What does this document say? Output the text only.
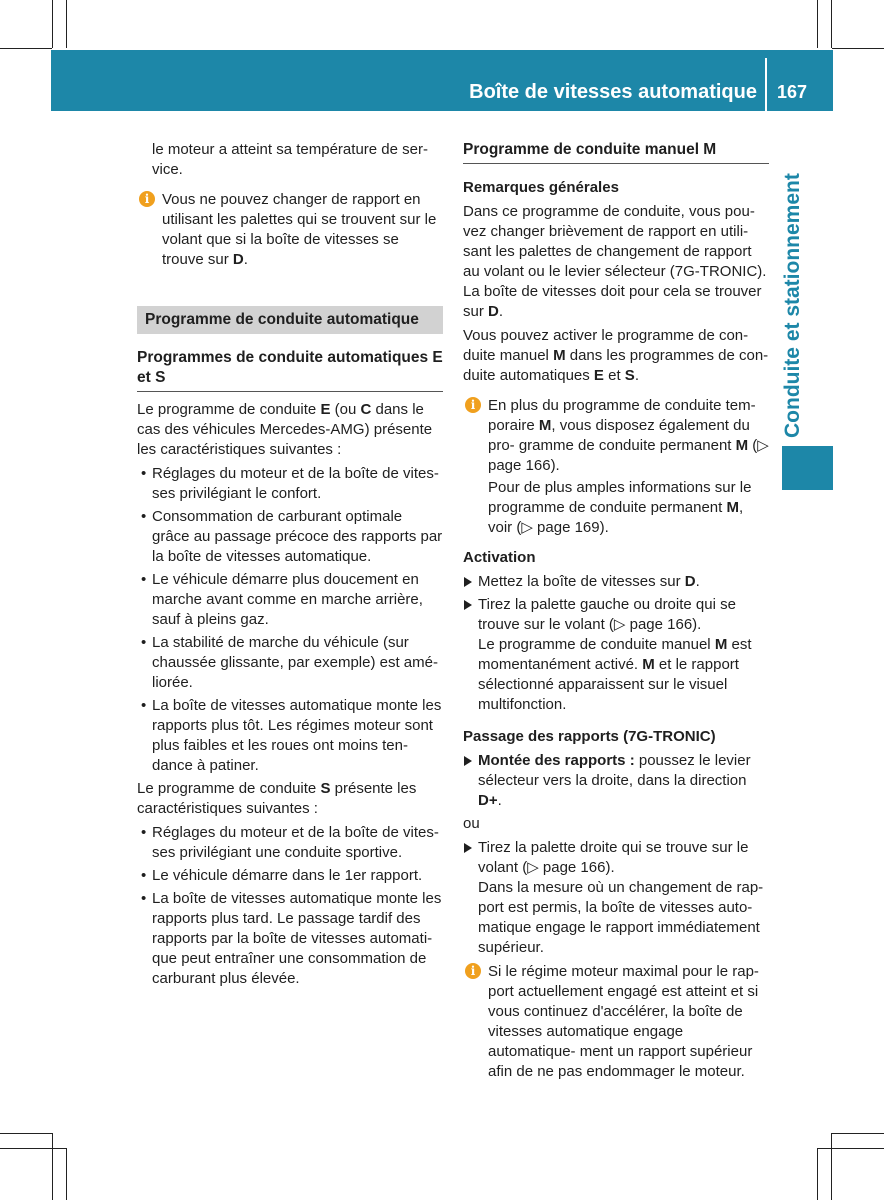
Boîte de vitesses automatique 167
Conduite et stationnement

le moteur a atteint sa température de ser- vice.

i Vous ne pouvez changer de rapport en utilisant les palettes qui se trouvent sur le volant que si la boîte de vitesses se trouve sur D.
Programme de conduite automatique
Programmes de conduite automatiques E et S

Le programme de conduite E (ou C dans le cas des véhicules Mercedes-AMG) présente les caractéristiques suivantes :

• Réglages du moteur et de la boîte de vites- ses privilégiant le confort.
• Consommation de carburant optimale grâce au passage précoce des rapports par la boîte de vitesses automatique.
• Le véhicule démarre plus doucement en marche avant comme en marche arrière, sauf à pleins gaz.
• La stabilité de marche du véhicule (sur chaussée glissante, par exemple) est amé- liorée.
• La boîte de vitesses automatique monte les rapports plus tôt. Les régimes moteur sont plus faibles et les roues ont moins ten- dance à patiner.

Le programme de conduite S présente les caractéristiques suivantes :

• Réglages du moteur et de la boîte de vites- ses privilégiant une conduite sportive.
• Le véhicule démarre dans le 1er rapport.
• La boîte de vitesses automatique monte les rapports plus tard. Le passage tardif des rapports par la boîte de vitesses automati- que peut entraîner une consommation de carburant plus élevée.
Programme de conduite manuel M
Remarques générales

Dans ce programme de conduite, vous pou- vez changer brièvement de rapport en utili- sant les palettes de changement de rapport au volant ou le levier sélecteur (7G-TRONIC). La boîte de vitesses doit pour cela se trouver sur D.

Vous pouvez activer le programme de con- duite manuel M dans les programmes de con- duite automatiques E et S.

i En plus du programme de conduite tem- poraire M, vous disposez également du pro- gramme de conduite permanent M (▷ page 166).
Pour de plus amples informations sur le programme de conduite permanent M, voir (▷ page 169).
Activation
Mettez la boîte de vitesses sur D.
Tirez la palette gauche ou droite qui se trouve sur le volant (▷ page 166).
Le programme de conduite manuel M est momentanément activé. M et le rapport sélectionné apparaissent sur le visuel multifonction.
Passage des rapports (7G-TRONIC)
Montée des rapports : poussez le levier sélecteur vers la droite, dans la direction D+.

ou

Tirez la palette droite qui se trouve sur le volant (▷ page 166).
Dans la mesure où un changement de rap- port est permis, la boîte de vitesses auto- matique engage le rapport immédiatement supérieur.
i Si le régime moteur maximal pour le rap- port actuellement engagé est atteint et si vous continuez d'accélérer, la boîte de vitesses automatique engage automatique- ment un rapport supérieur afin de ne pas endommager le moteur.
